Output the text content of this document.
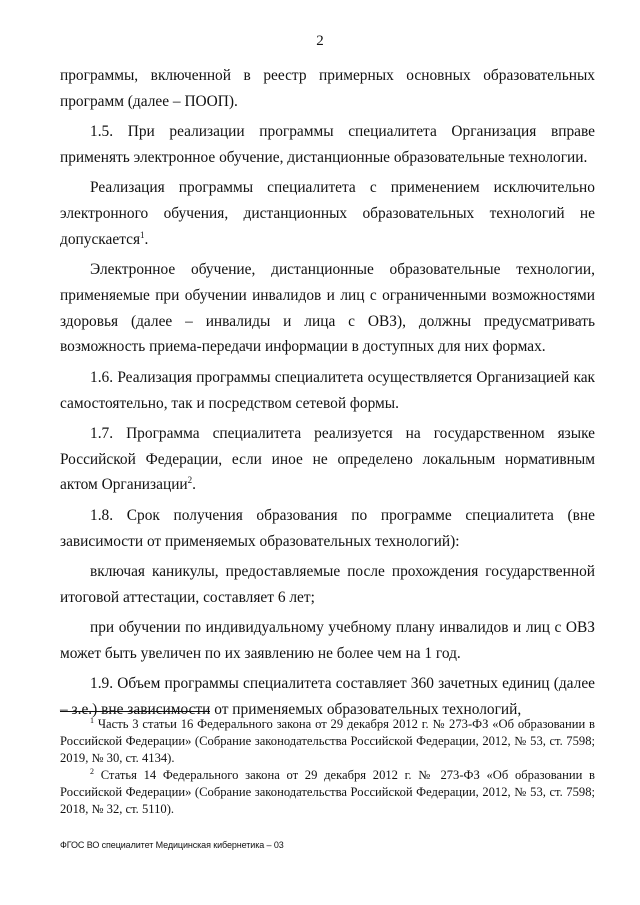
2

программы, включенной в реестр примерных основных образовательных программ (далее – ПООП).

1.5. При реализации программы специалитета Организация вправе применять электронное обучение, дистанционные образовательные технологии.

Реализация программы специалитета с применением исключительно электронного обучения, дистанционных образовательных технологий не допускается$^1$.

Электронное обучение, дистанционные образовательные технологии, применяемые при обучении инвалидов и лиц с ограниченными возможностями здоровья (далее – инвалиды и лица с ОВЗ), должны предусматривать возможность приема-передачи информации в доступных для них формах.

1.6. Реализация программы специалитета осуществляется Организацией как самостоятельно, так и посредством сетевой формы.

1.7. Программа специалитета реализуется на государственном языке Российской Федерации, если иное не определено локальным нормативным актом Организации$^2$.

1.8. Срок получения образования по программе специалитета (вне зависимости от применяемых образовательных технологий):

включая каникулы, предоставляемые после прохождения государственной итоговой аттестации, составляет 6 лет;

при обучении по индивидуальному учебному плану инвалидов и лиц с ОВЗ может быть увеличен по их заявлению не более чем на 1 год.

1.9. Объем программы специалитета составляет 360 зачетных единиц (далее – з.е.) вне зависимости от применяемых образовательных технологий,

$^1$ Часть 3 статьи 16 Федерального закона от 29 декабря 2012 г. № 273-ФЗ «Об образовании в Российской Федерации» (Собрание законодательства Российской Федерации, 2012, № 53, ст. 7598; 2019, № 30, ст. 4134).

$^2$ Статья 14 Федерального закона от 29 декабря 2012 г. № 273-ФЗ «Об образовании в Российской Федерации» (Собрание законодательства Российской Федерации, 2012, № 53, ст. 7598; 2018, № 32, ст. 5110).

ФГОС ВО специалитет Медицинская кибернетика – 03
